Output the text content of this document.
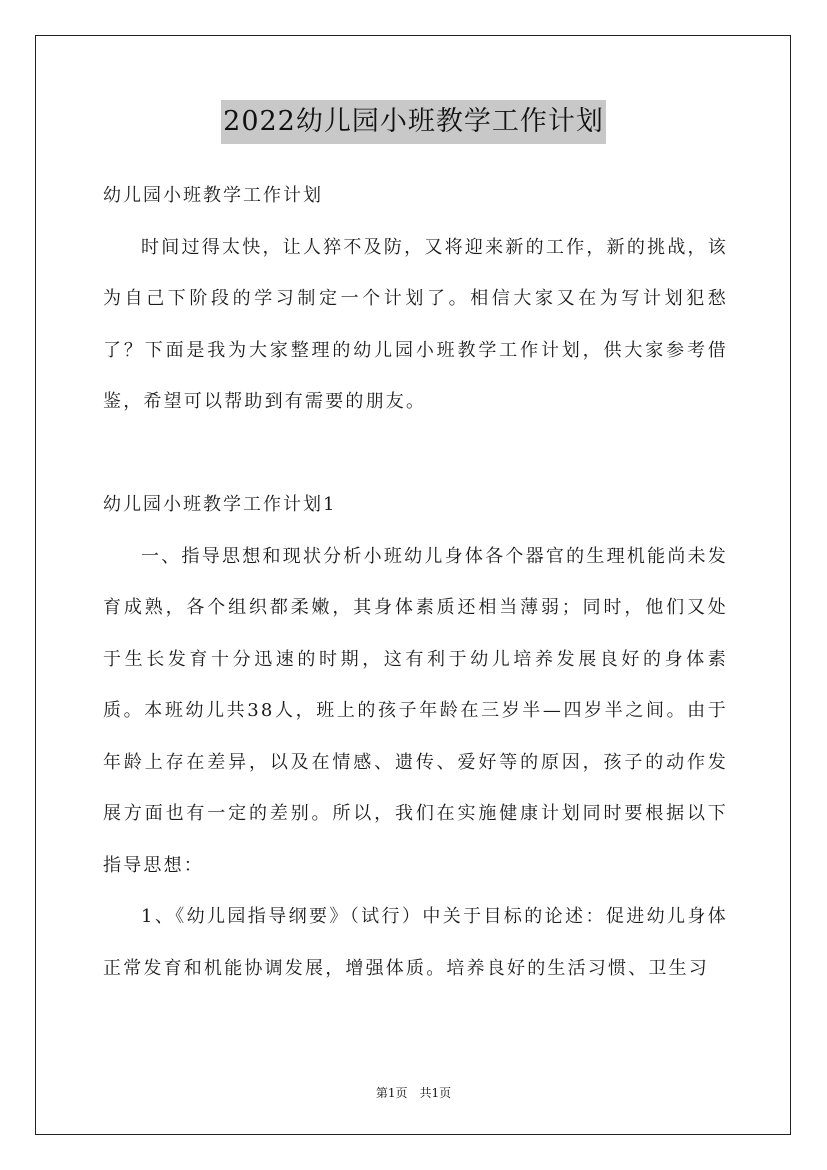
2022幼儿园小班教学工作计划

幼儿园小班教学工作计划

时间过得太快，让人猝不及防，又将迎来新的工作，新的挑战，该为自己下阶段的学习制定一个计划了。相信大家又在为写计划犯愁了？下面是我为大家整理的幼儿园小班教学工作计划，供大家参考借鉴，希望可以帮助到有需要的朋友。

幼儿园小班教学工作计划1

一、指导思想和现状分析小班幼儿身体各个器官的生理机能尚未发育成熟，各个组织都柔嫩，其身体素质还相当薄弱；同时，他们又处于生长发育十分迅速的时期，这有利于幼儿培养发展良好的身体素质。本班幼儿共38人，班上的孩子年龄在三岁半—四岁半之间。由于年龄上存在差异，以及在情感、遗传、爱好等的原因，孩子的动作发展方面也有一定的差别。所以，我们在实施健康计划同时要根据以下指导思想：

1、《幼儿园指导纲要》（试行）中关于目标的论述：促进幼儿身体正常发育和机能协调发展，增强体质。培养良好的生活习惯、卫生习

第1页　共1页
